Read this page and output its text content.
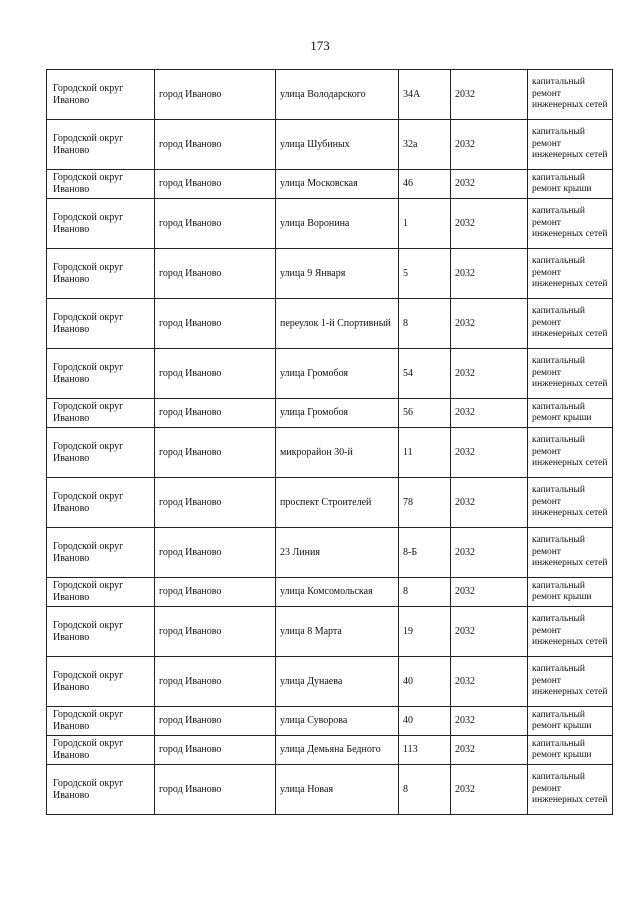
173
Городской округ Иваново	город Иваново	улица Володарского	34А	2032	капитальный ремонт инженерных сетей
Городской округ Иваново	город Иваново	улица Шубиных	32а	2032	капитальный ремонт инженерных сетей
Городской округ Иваново	город Иваново	улица Московская	46	2032	капитальный ремонт крыши
Городской округ Иваново	город Иваново	улица Воронина	1	2032	капитальный ремонт инженерных сетей
Городской округ Иваново	город Иваново	улица 9 Января	5	2032	капитальный ремонт инженерных сетей
Городской округ Иваново	город Иваново	переулок 1-й Спортивный	8	2032	капитальный ремонт инженерных сетей
Городской округ Иваново	город Иваново	улица Громобоя	54	2032	капитальный ремонт инженерных сетей
Городской округ Иваново	город Иваново	улица Громобоя	56	2032	капитальный ремонт крыши
Городской округ Иваново	город Иваново	микрорайон 30-й	11	2032	капитальный ремонт инженерных сетей
Городской округ Иваново	город Иваново	проспект Строителей	78	2032	капитальный ремонт инженерных сетей
Городской округ Иваново	город Иваново	23 Линия	8-Б	2032	капитальный ремонт инженерных сетей
Городской округ Иваново	город Иваново	улица Комсомольская	8	2032	капитальный ремонт крыши
Городской округ Иваново	город Иваново	улица 8 Марта	19	2032	капитальный ремонт инженерных сетей
Городской округ Иваново	город Иваново	улица Дунаева	40	2032	капитальный ремонт инженерных сетей
Городской округ Иваново	город Иваново	улица Суворова	40	2032	капитальный ремонт крыши
Городской округ Иваново	город Иваново	улица Демьяна Бедного	113	2032	капитальный ремонт крыши
Городской округ Иваново	город Иваново	улица Новая	8	2032	капитальный ремонт инженерных сетей
